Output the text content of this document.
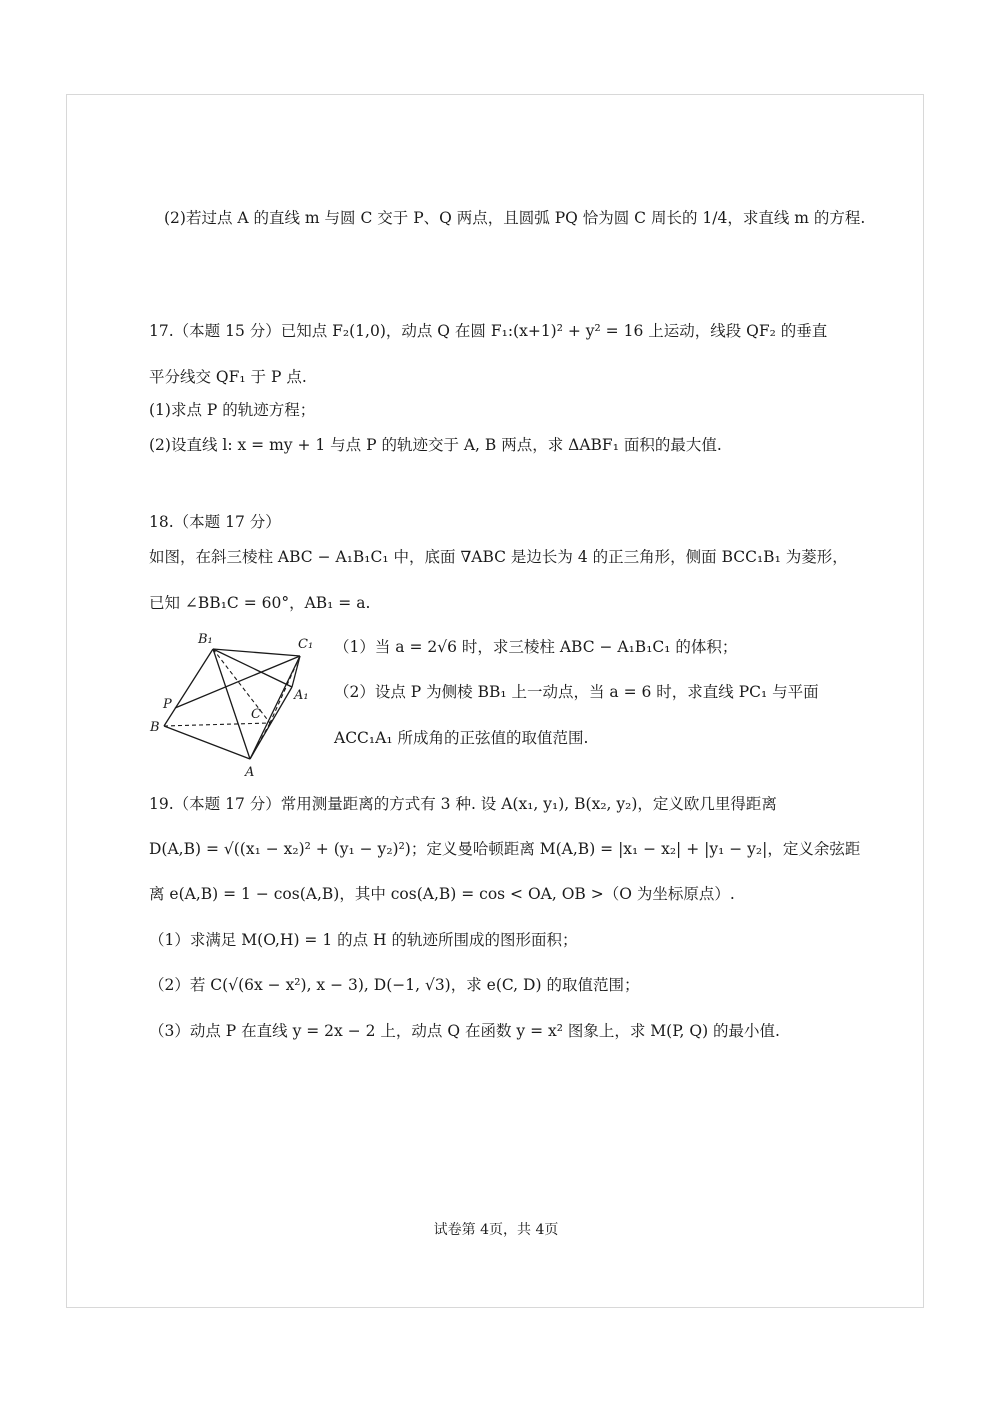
(2)若过点 A 的直线 m 与圆 C 交于 P、Q 两点，且圆弧 PQ 恰为圆 C 周长的 1/4，求直线 m 的方程.
17.（本题 15 分）已知点 F₂(1,0)，动点 Q 在圆 F₁:(x+1)² + y² = 16 上运动，线段 QF₂ 的垂直
平分线交 QF₁ 于 P 点.
(1)求点 P 的轨迹方程；
(2)设直线 l: x = my + 1 与点 P 的轨迹交于 A, B 两点，求 ΔABF₁ 面积的最大值.
18.（本题 17 分）
如图，在斜三棱柱 ABC − A₁B₁C₁ 中，底面 ∇ABC 是边长为 4 的正三角形，侧面 BCC₁B₁ 为菱形，
已知 ∠BB₁C = 60°，AB₁ = a.
B₁	C₁
A₁
P
B
C
A
（1）当 a = 2√6 时，求三棱柱 ABC − A₁B₁C₁ 的体积；
（2）设点 P 为侧棱 BB₁ 上一动点，当 a = 6 时，求直线 PC₁ 与平面
ACC₁A₁ 所成角的正弦值的取值范围.
19.（本题 17 分）常用测量距离的方式有 3 种. 设 A(x₁, y₁), B(x₂, y₂)，定义欧几里得距离
D(A,B) = √((x₁ − x₂)² + (y₁ − y₂)²)；定义曼哈顿距离 M(A,B) = |x₁ − x₂| + |y₁ − y₂|，定义余弦距
离 e(A,B) = 1 − cos(A,B)，其中 cos(A,B) = cos < OA, OB >（O 为坐标原点）.
（1）求满足 M(O,H) = 1 的点 H 的轨迹所围成的图形面积；
（2）若 C(√(6x − x²), x − 3), D(−1, √3)，求 e(C, D) 的取值范围；
（3）动点 P 在直线 y = 2x − 2 上，动点 Q 在函数 y = x² 图象上，求 M(P, Q) 的最小值.
试卷第 4页，共 4页
